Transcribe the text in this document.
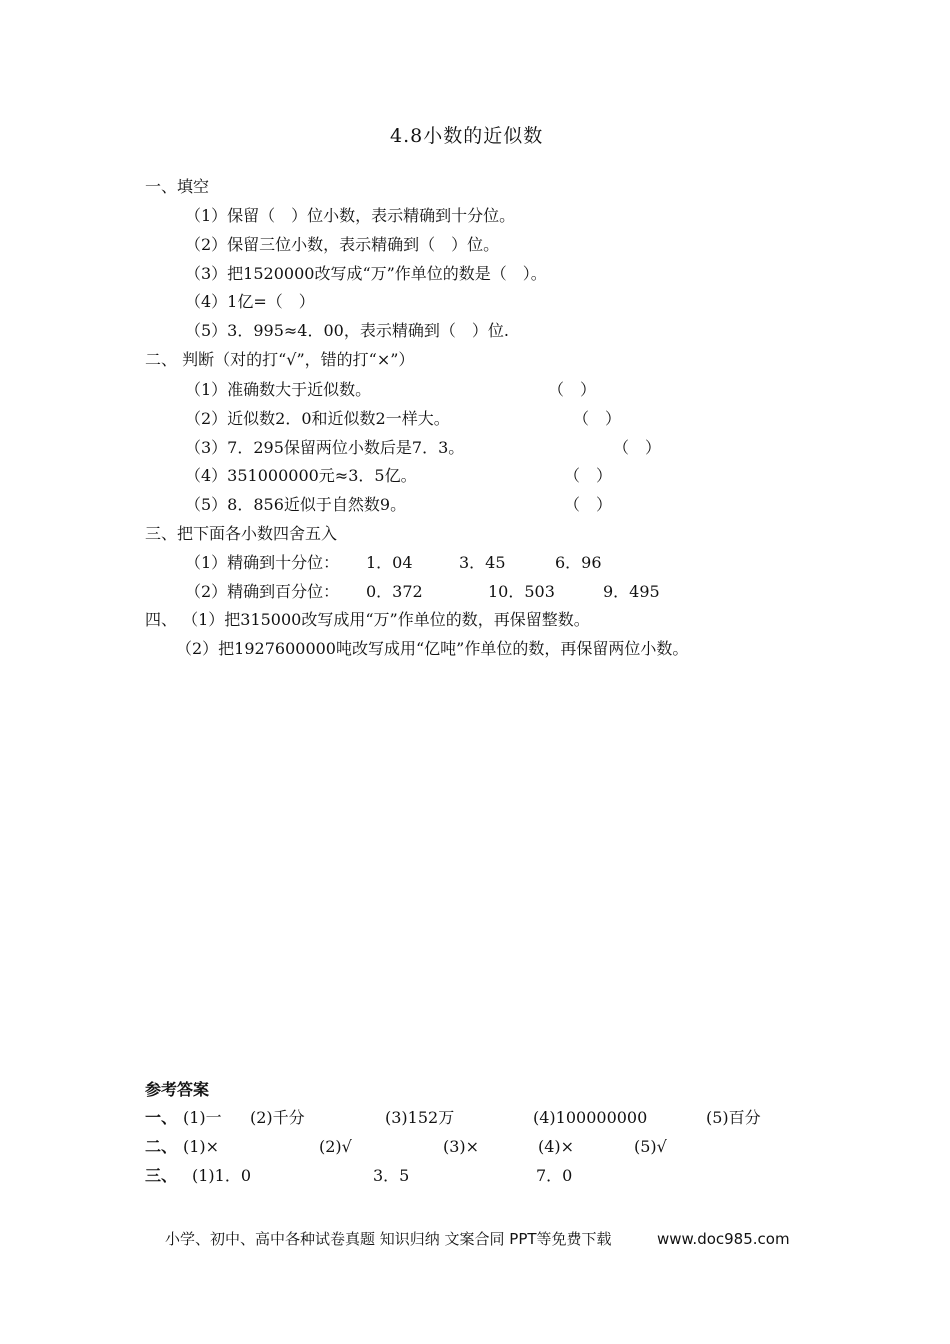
4.8小数的近似数
一、填空
（1）保留（　）位小数，表示精确到十分位。
（2）保留三位小数，表示精确到（　）位。
（3）把1520000改写成“万”作单位的数是（　）。
（4）1亿=（　）
（5）3．995≈4．00，表示精确到（　）位.
二、 判断（对的打“√”，错的打“×”）
（1）准确数大于近似数。	（　）
（2）近似数2．0和近似数2一样大。	（　）
（3）7．295保留两位小数后是7．3。	（　）
（4）351000000元≈3．5亿。	（　）
（5）8．856近似于自然数9。	（　）
三、把下面各小数四舍五入
（1）精确到十分位： 1．04	3．45	6．96
（2）精确到百分位： 0．372	10．503	9．495
四、 （1）把315000改写成用“万”作单位的数，再保留整数。
（2）把1927600000吨改写成用“亿吨”作单位的数，再保留两位小数。
参考答案
一、 (1)一 (2)千分	(3)152万	(4)100000000	(5)百分
二、 (1)×	(2)√	(3)×	(4)×	(5)√
三、 (1)1．0	3．5	7．0
小学、初中、高中各种试卷真题 知识归纳 文案合同 PPT等免费下载	www.doc985.com
